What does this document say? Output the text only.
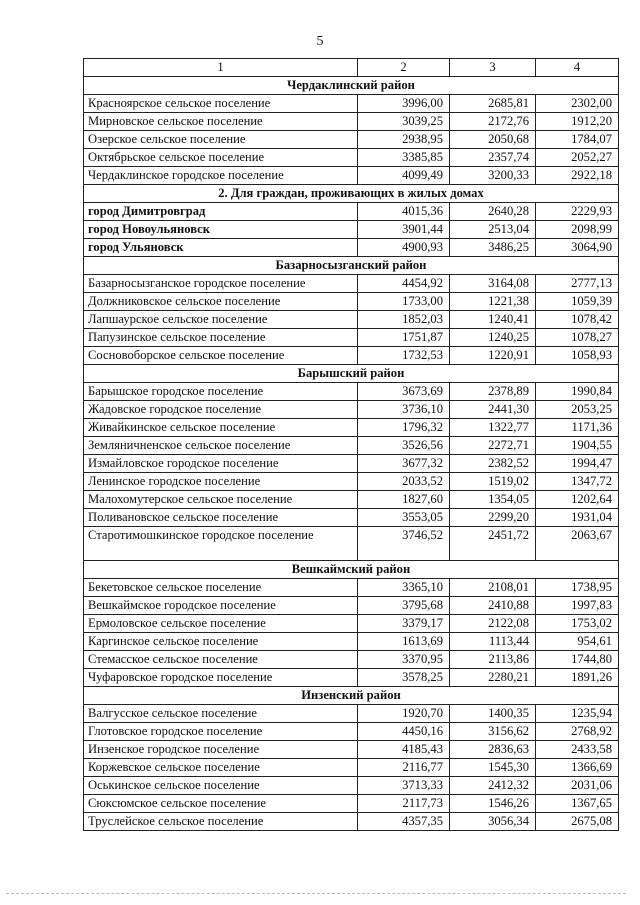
5
1	2	3	4
Чердаклинский район			
Красноярское сельское поселение	3996,00	2685,81	2302,00
Мирновское сельское поселение	3039,25	2172,76	1912,20
Озерское сельское поселение	2938,95	2050,68	1784,07
Октябрьское сельское поселение	3385,85	2357,74	2052,27
Чердаклинское городское поселение	4099,49	3200,33	2922,18
2. Для граждан, проживающих в жилых домах			
город Димитровград	4015,36	2640,28	2229,93
город Новоульяновск	3901,44	2513,04	2098,99
город Ульяновск	4900,93	3486,25	3064,90
Базарносызганский район			
Базарносызганское городское поселение	4454,92	3164,08	2777,13
Должниковское сельское поселение	1733,00	1221,38	1059,39
Лапшаурское сельское поселение	1852,03	1240,41	1078,42
Папузинское сельское поселение	1751,87	1240,25	1078,27
Сосновоборское сельское поселение	1732,53	1220,91	1058,93
Барышский район			
Барышское городское поселение	3673,69	2378,89	1990,84
Жадовское городское поселение	3736,10	2441,30	2053,25
Живайкинское сельское поселение	1796,32	1322,77	1171,36
Земляничненское сельское поселение	3526,56	2272,71	1904,55
Измайловское городское поселение	3677,32	2382,52	1994,47
Ленинское городское поселение	2033,52	1519,02	1347,72
Малохомутерское сельское поселение	1827,60	1354,05	1202,64
Поливановское сельское поселение	3553,05	2299,20	1931,04
Старотимошкинское городское поселение	3746,52	2451,72	2063,67
Вешкаймский район			
Бекетовское сельское поселение	3365,10	2108,01	1738,95
Вешкаймское городское поселение	3795,68	2410,88	1997,83
Ермоловское сельское поселение	3379,17	2122,08	1753,02
Каргинское сельское поселение	1613,69	1113,44	954,61
Стемасское сельское поселение	3370,95	2113,86	1744,80
Чуфаровское городское поселение	3578,25	2280,21	1891,26
Инзенский район			
Валгусское сельское поселение	1920,70	1400,35	1235,94
Глотовское городское поселение	4450,16	3156,62	2768,92
Инзенское городское поселение	4185,43	2836,63	2433,58
Коржевское сельское поселение	2116,77	1545,30	1366,69
Оськинское сельское поселение	3713,33	2412,32	2031,06
Сюксюмское сельское поселение	2117,73	1546,26	1367,65
Труслейское сельское поселение	4357,35	3056,34	2675,08
